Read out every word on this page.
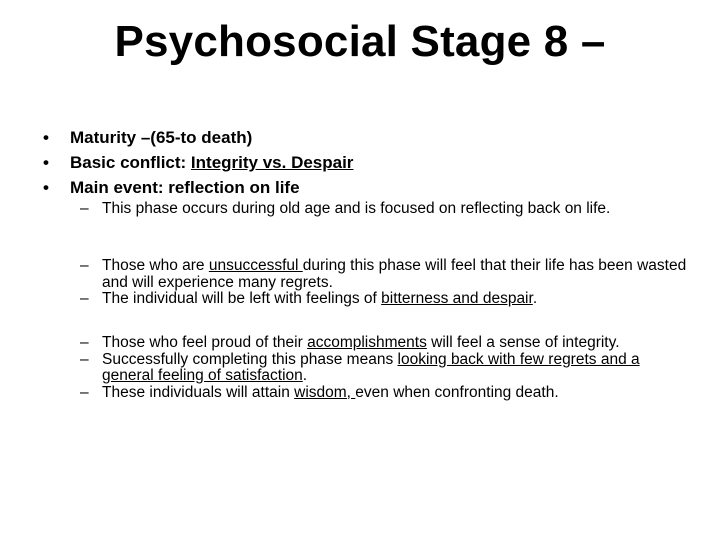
Psychosocial Stage 8 –
• Maturity –(65-to death)
• Basic conflict: Integrity vs. Despair
• Main event: reflection on life
– This phase occurs during old age and is focused on reflecting back on life.
– Those who are unsuccessful during this phase will feel that their life has been wasted and will experience many regrets.
– The individual will be left with feelings of bitterness and despair.
– Those who feel proud of their accomplishments will feel a sense of integrity.
– Successfully completing this phase means looking back with few regrets and a general feeling of satisfaction.
– These individuals will attain wisdom, even when confronting death.
